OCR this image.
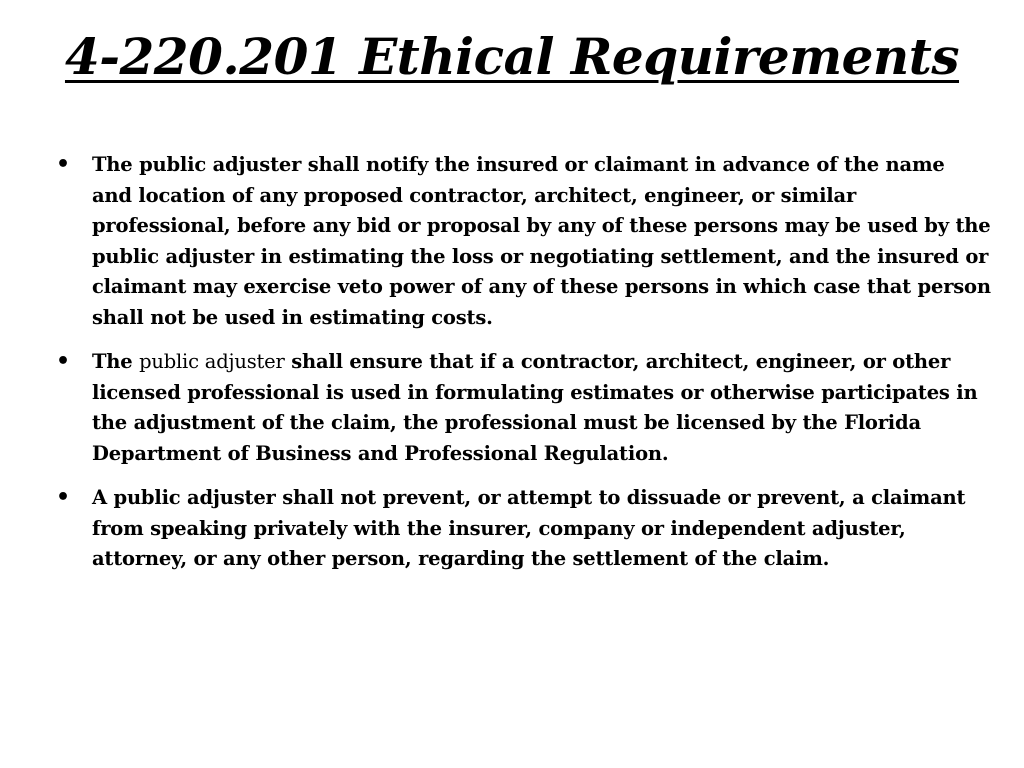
4-220.201 Ethical Requirements
• The public adjuster shall notify the insured or claimant in advance of the name and location of any proposed contractor, architect, engineer, or similar professional, before any bid or proposal by any of these persons may be used by the public adjuster in estimating the loss or negotiating settlement, and the insured or claimant may exercise veto power of any of these persons in which case that person shall not be used in estimating costs.
• The public adjuster shall ensure that if a contractor, architect, engineer, or other licensed professional is used in formulating estimates or otherwise participates in the adjustment of the claim, the professional must be licensed by the Florida Department of Business and Professional Regulation.
• A public adjuster shall not prevent, or attempt to dissuade or prevent, a claimant from speaking privately with the insurer, company or independent adjuster, attorney, or any other person, regarding the settlement of the claim.
